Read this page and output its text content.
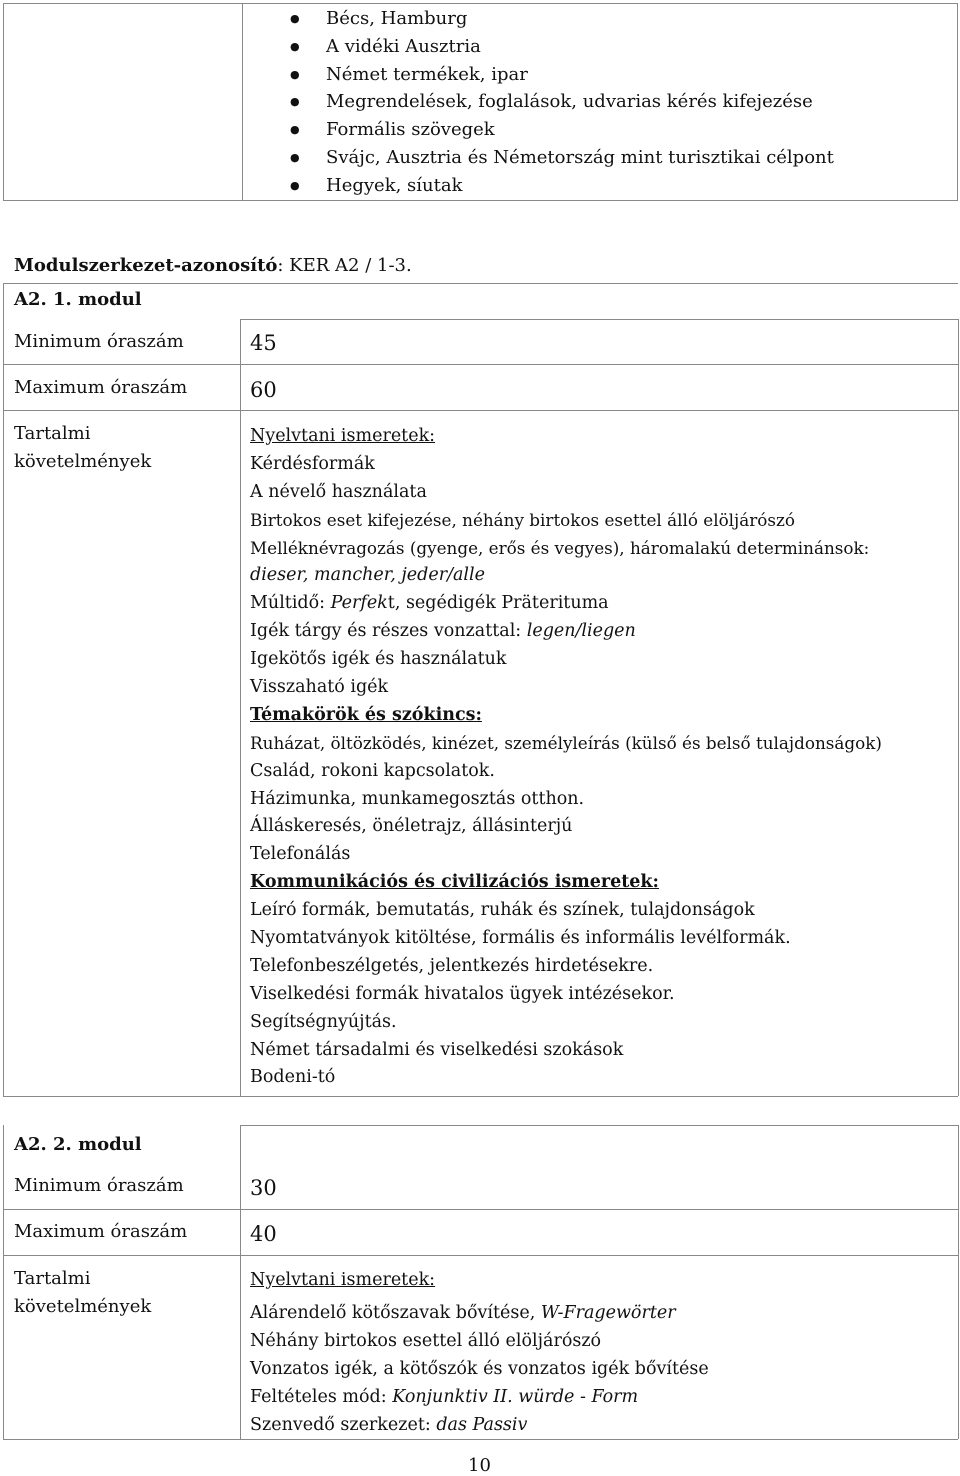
● Bécs, Hamburg
● A vidéki Ausztria
● Német termékek, ipar
● Megrendelések, foglalások, udvarias kérés kifejezése
● Formális szövegek
● Svájc, Ausztria és Németország mint turisztikai célpont
● Hegyek, síutak
Modulszerkezet-azonosító: KER A2 / 1-3.
A2. 1. modul
Minimum óraszám	45
Maximum óraszám	60
Tartalmi
követelmények
Nyelvtani ismeretek:
Kérdésformák
A névelő használata
Birtokos eset kifejezése, néhány birtokos esettel álló elöljárószó
Melléknévragozás (gyenge, erős és vegyes), háromalakú determinánsok:
dieser, mancher, jeder/alle
Múltidő: Perfekt, segédigék Präterituma
Igék tárgy és részes vonzattal: legen/liegen
Igekötős igék és használatuk
Visszaható igék
Témakörök és szókincs:
Ruházat, öltözködés, kinézet, személyleírás (külső és belső tulajdonságok)
Család, rokoni kapcsolatok.
Házimunka, munkamegosztás otthon.
Álláskeresés, önéletrajz, állásinterjú
Telefonálás
Kommunikációs és civilizációs ismeretek:
Leíró formák, bemutatás, ruhák és színek, tulajdonságok
Nyomtatványok kitöltése, formális és informális levélformák.
Telefonbeszélgetés, jelentkezés hirdetésekre.
Viselkedési formák hivatalos ügyek intézésekor.
Segítségnyújtás.
Német társadalmi és viselkedési szokások
Bodeni-tó
A2. 2. modul
Minimum óraszám	30
Maximum óraszám	40
Tartalmi
követelmények
Nyelvtani ismeretek:
Alárendelő kötőszavak bővítése, W-Fragewörter
Néhány birtokos esettel álló elöljárószó
Vonzatos igék, a kötőszók és vonzatos igék bővítése
Feltételes mód: Konjunktiv II. würde - Form
Szenvedő szerkezet: das Passiv
10
